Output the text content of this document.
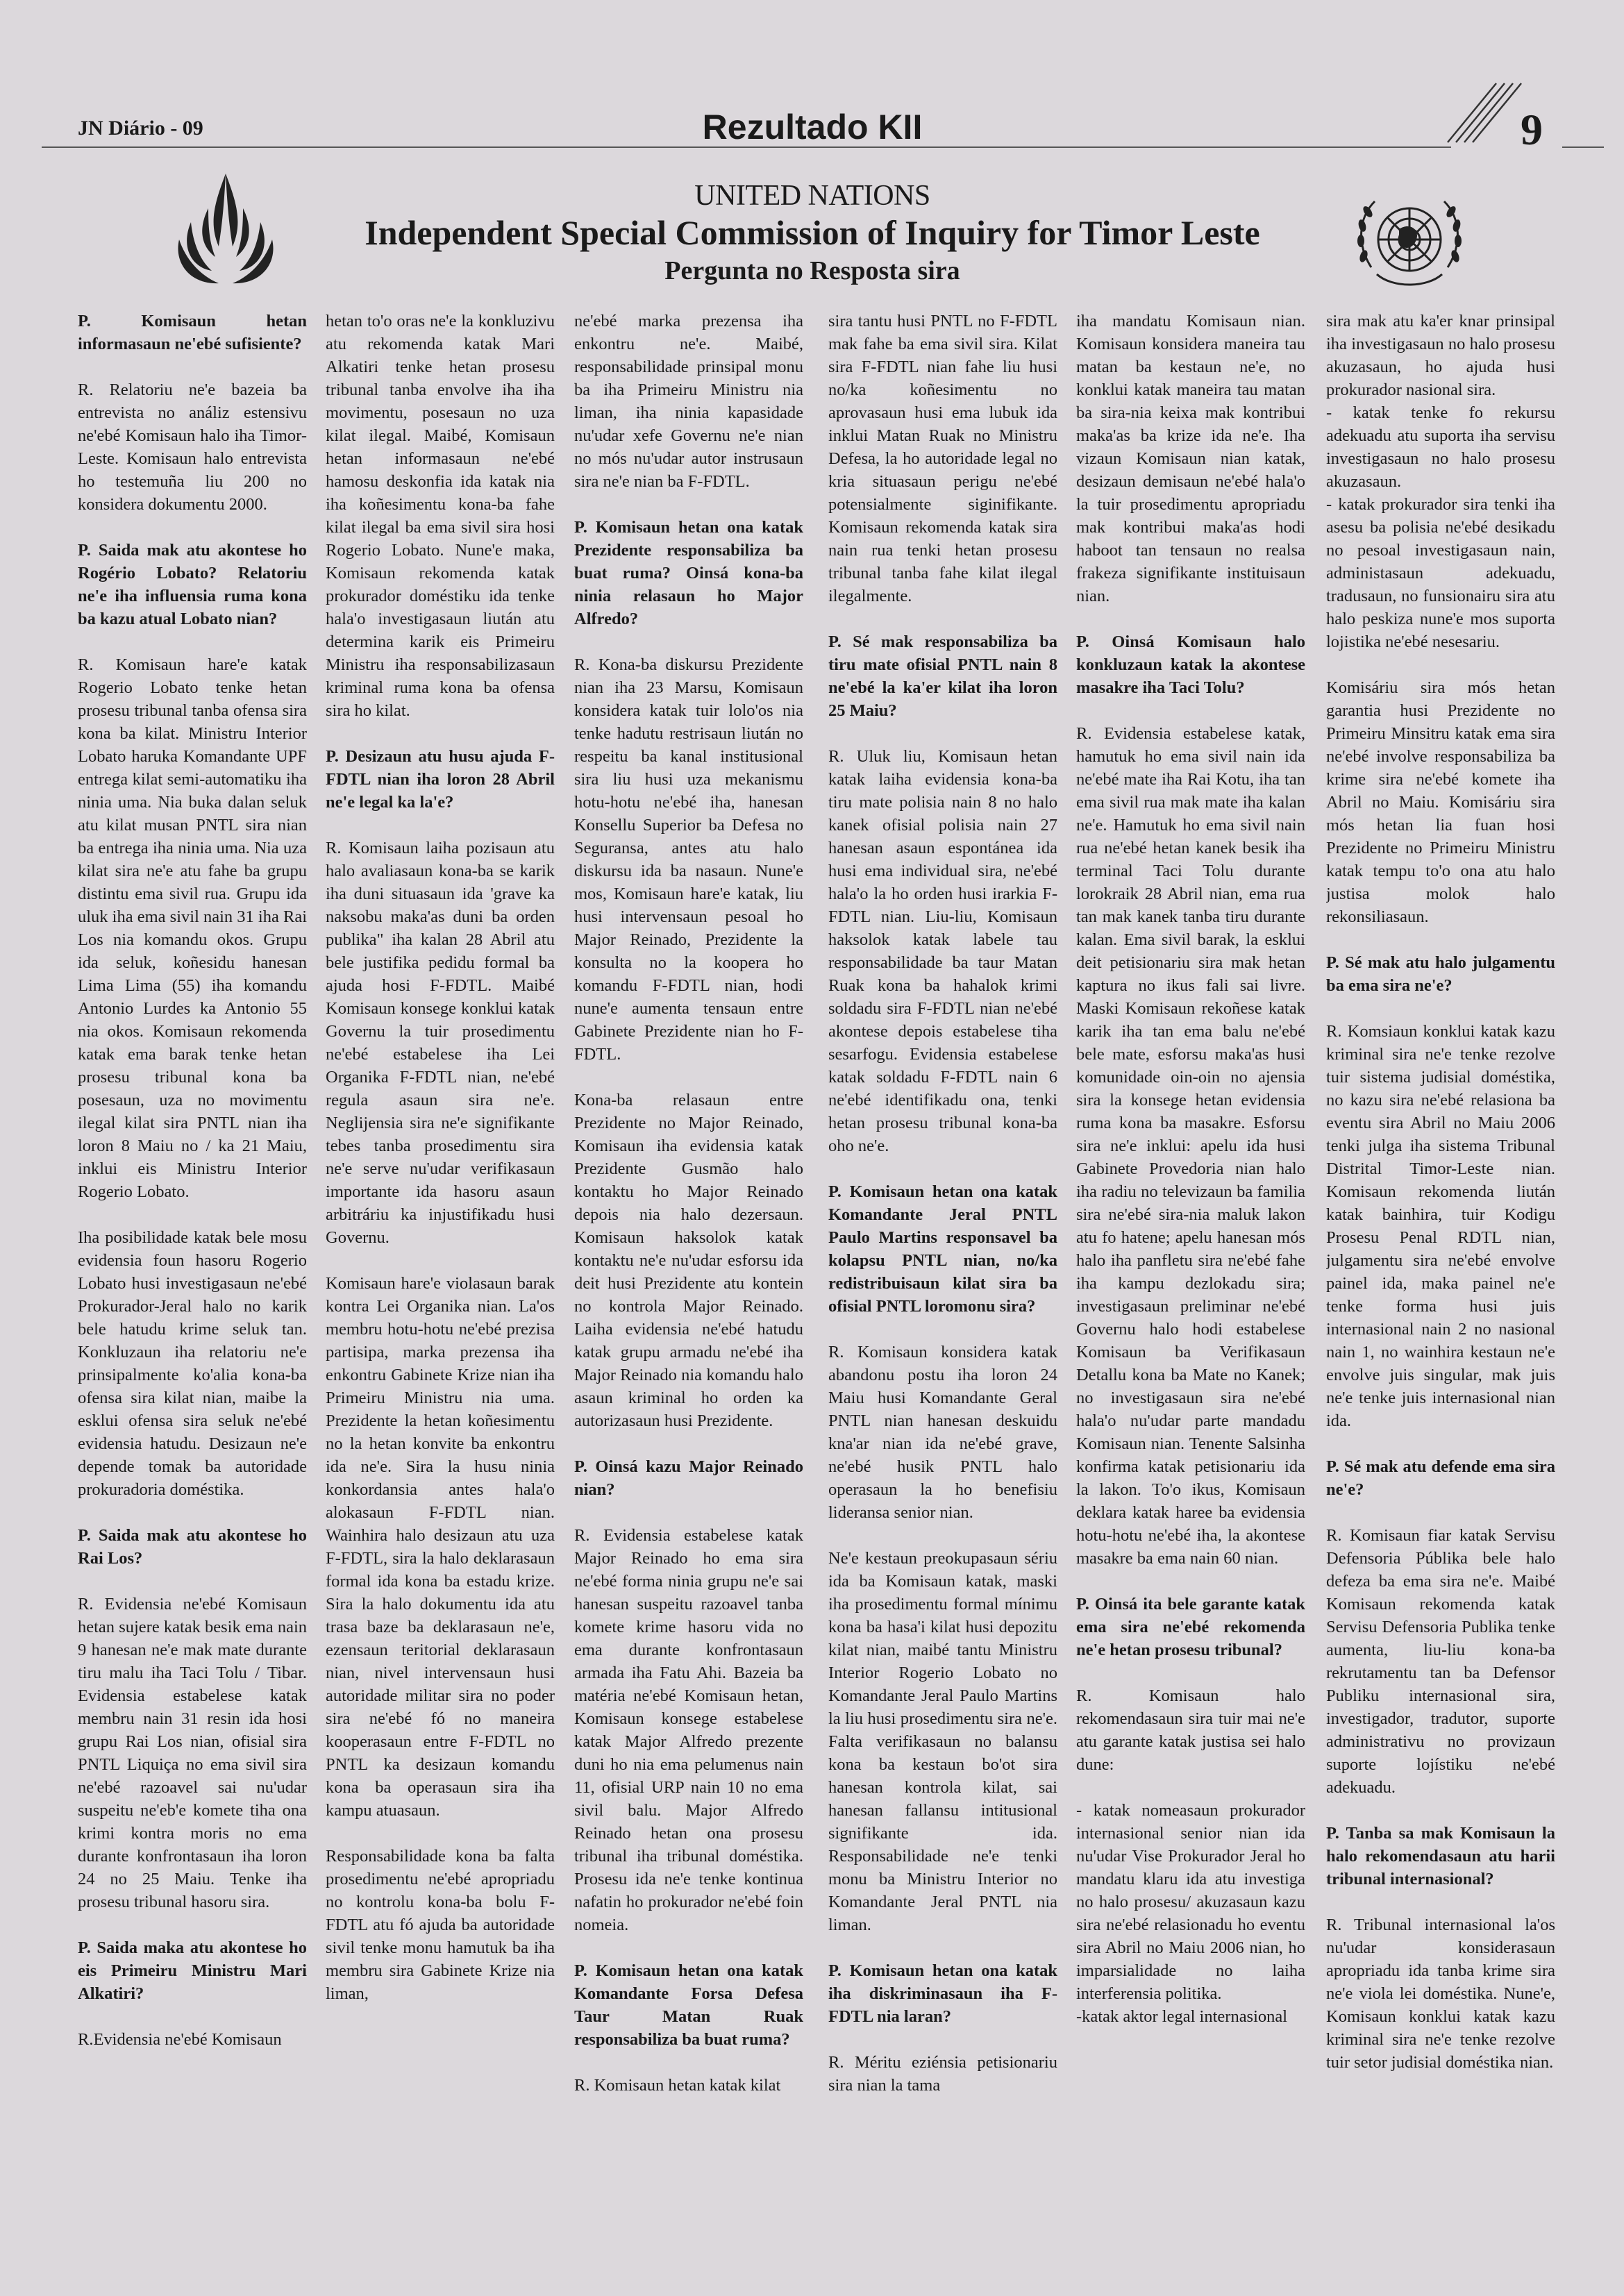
JN Diário - 09	Rezultado KII	9
UNITED NATIONS
Independent Special Commission of Inquiry for Timor Leste
Pergunta no Resposta sira

P. Komisaun hetan informasaun ne'ebé sufisiente?

R. Relatoriu ne'e bazeia ba entrevista no análiz estensivu ne'ebé Komisaun halo iha Timor-Leste. Komisaun halo entrevista ho testemuña liu 200 no konsidera dokumentu 2000.

P. Saida mak atu akontese ho Rogério Lobato? Relatoriu ne'e iha influensia ruma kona ba kazu atual Lobato nian?

R. Komisaun hare'e katak Rogerio Lobato tenke hetan prosesu tribunal tanba ofensa sira kona ba kilat. Ministru Interior Lobato haruka Komandante UPF entrega kilat semi-automatiku iha ninia uma. Nia buka dalan seluk atu kilat musan PNTL sira nian ba entrega iha ninia uma. Nia uza kilat sira ne'e atu fahe ba grupu distintu ema sivil rua. Grupu ida uluk iha ema sivil nain 31 iha Rai Los nia komandu okos. Grupu ida seluk, koñesidu hanesan Lima Lima (55) iha komandu Antonio Lurdes ka Antonio 55 nia okos. Komisaun rekomenda katak ema barak tenke hetan prosesu tribunal kona ba posesaun, uza no movimentu ilegal kilat sira PNTL nian iha loron 8 Maiu no / ka 21 Maiu, inklui eis Ministru Interior Rogerio Lobato.

Iha posibilidade katak bele mosu evidensia foun hasoru Rogerio Lobato husi investigasaun ne'ebé Prokurador-Jeral halo no karik bele hatudu krime seluk tan. Konkluzaun iha relatoriu ne'e prinsipalmente ko'alia kona-ba ofensa sira kilat nian, maibe la esklui ofensa sira seluk ne'ebé evidensia hatudu. Desizaun ne'e depende tomak ba autoridade prokuradoria doméstika.

P. Saida mak atu akontese ho Rai Los?

R. Evidensia ne'ebé Komisaun hetan sujere katak besik ema nain 9 hanesan ne'e mak mate durante tiru malu iha Taci Tolu / Tibar. Evidensia estabelese katak membru nain 31 resin ida hosi grupu Rai Los nian, ofisial sira PNTL Liquiça no ema sivil sira ne'ebé razoavel sai nu'udar suspeitu ne'eb'e komete tiha ona krimi kontra moris no ema durante konfrontasaun iha loron 24 no 25 Maiu. Tenke iha prosesu tribunal hasoru sira.

P. Saida maka atu akontese ho eis Primeiru Ministru Mari Alkatiri?

R.Evidensia ne'ebé Komisaun

hetan to'o oras ne'e la konkluzivu atu rekomenda katak Mari Alkatiri tenke hetan prosesu tribunal tanba envolve iha iha movimentu, posesaun no uza kilat ilegal. Maibé, Komisaun hetan informasaun ne'ebé hamosu deskonfia ida katak nia iha koñesimentu kona-ba fahe kilat ilegal ba ema sivil sira hosi Rogerio Lobato. Nune'e maka, Komisaun rekomenda katak prokurador doméstiku ida tenke hala'o investigasaun liután atu determina karik eis Primeiru Ministru iha responsabilizasaun kriminal ruma kona ba ofensa sira ho kilat.

P. Desizaun atu husu ajuda F-FDTL nian iha loron 28 Abril ne'e legal ka la'e?

R. Komisaun laiha pozisaun atu halo avaliasaun kona-ba se karik iha duni situasaun ida 'grave ka naksobu maka'as duni ba orden publika" iha kalan 28 Abril atu bele justifika pedidu formal ba ajuda hosi F-FDTL. Maibé Komisaun konsege konklui katak Governu la tuir prosedimentu ne'ebé estabelese iha Lei Organika F-FDTL nian, ne'ebé regula asaun sira ne'e. Neglijensia sira ne'e signifikante tebes tanba prosedimentu sira ne'e serve nu'udar verifikasaun importante ida hasoru asaun arbitráriu ka injustifikadu husi Governu.

Komisaun hare'e violasaun barak kontra Lei Organika nian. La'os membru hotu-hotu ne'ebé prezisa partisipa, marka prezensa iha enkontru Gabinete Krize nian iha Primeiru Ministru nia uma. Prezidente la hetan koñesimentu no la hetan konvite ba enkontru ida ne'e. Sira la husu ninia konkordansia antes hala'o alokasaun F-FDTL nian. Wainhira halo desizaun atu uza F-FDTL, sira la halo deklarasaun formal ida kona ba estadu krize. Sira la halo dokumentu ida atu trasa baze ba deklarasaun ne'e, ezensaun teritorial deklarasaun nian, nivel intervensaun husi autoridade militar sira no poder sira ne'ebé fó no maneira kooperasaun entre F-FDTL no PNTL ka desizaun komandu kona ba operasaun sira iha kampu atuasaun.

Responsabilidade kona ba falta prosedimentu ne'ebé apropriadu no kontrolu kona-ba bolu F-FDTL atu fó ajuda ba autoridade sivil tenke monu hamutuk ba iha membru sira Gabinete Krize nia liman,

ne'ebé marka prezensa iha enkontru ne'e. Maibé, responsabilidade prinsipal monu ba iha Primeiru Ministru nia liman, iha ninia kapasidade nu'udar xefe Governu ne'e nian no mós nu'udar autor instrusaun sira ne'e nian ba F-FDTL.

P. Komisaun hetan ona katak Prezidente responsabiliza ba buat ruma? Oinsá kona-ba ninia relasaun ho Major Alfredo?

R. Kona-ba diskursu Prezidente nian iha 23 Marsu, Komisaun konsidera katak tuir lolo'os nia tenke hadutu restrisaun liután no respeitu ba kanal institusional sira liu husi uza mekanismu hotu-hotu ne'ebé iha, hanesan Konsellu Superior ba Defesa no Seguransa, antes atu halo diskursu ida ba nasaun. Nune'e mos, Komisaun hare'e katak, liu husi intervensaun pesoal ho Major Reinado, Prezidente la konsulta no la koopera ho komandu F-FDTL nian, hodi nune'e aumenta tensaun entre Gabinete Prezidente nian ho F-FDTL.

Kona-ba relasaun entre Prezidente no Major Reinado, Komisaun iha evidensia katak Prezidente Gusmão halo kontaktu ho Major Reinado depois nia halo dezersaun. Komisaun haksolok katak kontaktu ne'e nu'udar esforsu ida deit husi Prezidente atu kontein no kontrola Major Reinado. Laiha evidensia ne'ebé hatudu katak grupu armadu ne'ebé iha Major Reinado nia komandu halo asaun kriminal ho orden ka autorizasaun husi Prezidente.

P. Oinsá kazu Major Reinado nian?

R. Evidensia estabelese katak Major Reinado ho ema sira ne'ebé forma ninia grupu ne'e sai hanesan suspeitu razoavel tanba komete krime hasoru vida no ema durante konfrontasaun armada iha Fatu Ahi. Bazeia ba matéria ne'ebé Komisaun hetan, Komisaun konsege estabelese katak Major Alfredo prezente duni ho nia ema pelumenus nain 11, ofisial URP nain 10 no ema sivil balu. Major Alfredo Reinado hetan ona prosesu tribunal iha tribunal doméstika. Prosesu ida ne'e tenke kontinua nafatin ho prokurador ne'ebé foin nomeia.

P. Komisaun hetan ona katak Komandante Forsa Defesa Taur Matan Ruak responsabiliza ba buat ruma?

R. Komisaun hetan katak kilat

sira tantu husi PNTL no F-FDTL mak fahe ba ema sivil sira. Kilat sira F-FDTL nian fahe liu husi no/ka koñesimentu no aprovasaun husi ema lubuk ida inklui Matan Ruak no Ministru Defesa, la ho autoridade legal no kria situasaun perigu ne'ebé potensialmente siginifikante. Komisaun rekomenda katak sira nain rua tenki hetan prosesu tribunal tanba fahe kilat ilegal ilegalmente.

P. Sé mak responsabiliza ba tiru mate ofisial PNTL nain 8 ne'ebé la ka'er kilat iha loron 25 Maiu?

R. Uluk liu, Komisaun hetan katak laiha evidensia kona-ba tiru mate polisia nain 8 no halo kanek ofisial polisia nain 27 hanesan asaun espontánea ida husi ema individual sira, ne'ebé hala'o la ho orden husi irarkia F-FDTL nian. Liu-liu, Komisaun haksolok katak labele tau responsabilidade ba taur Matan Ruak kona ba hahalok krimi soldadu sira F-FDTL nian ne'ebé akontese depois estabelese tiha sesarfogu. Evidensia estabelese katak soldadu F-FDTL nain 6 ne'ebé identifikadu ona, tenki hetan prosesu tribunal kona-ba oho ne'e.

P. Komisaun hetan ona katak Komandante Jeral PNTL Paulo Martins responsavel ba kolapsu PNTL nian, no/ka redistribuisaun kilat sira ba ofisial PNTL loromonu sira?

R. Komisaun konsidera katak abandonu postu iha loron 24 Maiu husi Komandante Geral PNTL nian hanesan deskuidu kna'ar nian ida ne'ebé grave, ne'ebé husik PNTL halo operasaun la ho benefisiu lideransa senior nian.

Ne'e kestaun preokupasaun sériu ida ba Komisaun katak, maski iha prosedimentu formal mínimu kona ba hasa'i kilat husi depozitu kilat nian, maibé tantu Ministru Interior Rogerio Lobato no Komandante Jeral Paulo Martins la liu husi prosedimentu sira ne'e. Falta verifikasaun no balansu kona ba kestaun bo'ot sira hanesan kontrola kilat, sai hanesan fallansu intitusional signifikante ida. Responsabilidade ne'e tenki monu ba Ministru Interior no Komandante Jeral PNTL nia liman.

P. Komisaun hetan ona katak iha diskriminasaun iha F-FDTL nia laran?

R. Méritu eziénsia petisionariu sira nian la tama

iha mandatu Komisaun nian. Komisaun konsidera maneira tau matan ba kestaun ne'e, no konklui katak maneira tau matan ba sira-nia keixa mak kontribui maka'as ba krize ida ne'e. Iha vizaun Komisaun nian katak, desizaun demisaun ne'ebé hala'o la tuir prosedimentu apropriadu mak kontribui maka'as hodi haboot tan tensaun no realsa frakeza signifikante instituisaun nian.

P. Oinsá Komisaun halo konkluzaun katak la akontese masakre iha Taci Tolu?

R. Evidensia estabelese katak, hamutuk ho ema sivil nain ida ne'ebé mate iha Rai Kotu, iha tan ema sivil rua mak mate iha kalan ne'e. Hamutuk ho ema sivil nain rua ne'ebé hetan kanek besik iha terminal Taci Tolu durante lorokraik 28 Abril nian, ema rua tan mak kanek tanba tiru durante kalan. Ema sivil barak, la esklui deit petisionariu sira mak hetan kaptura no ikus fali sai livre. Maski Komisaun rekoñese katak karik iha tan ema balu ne'ebé bele mate, esforsu maka'as husi komunidade oin-oin no ajensia sira la konsege hetan evidensia ruma kona ba masakre. Esforsu sira ne'e inklui: apelu ida husi Gabinete Provedoria nian halo iha radiu no televizaun ba familia sira ne'ebé sira-nia maluk lakon atu fo hatene; apelu hanesan mós halo iha panfletu sira ne'ebé fahe iha kampu dezlokadu sira; investigasaun preliminar ne'ebé Governu halo hodi estabelese Komisaun ba Verifikasaun Detallu kona ba Mate no Kanek; no investigasaun sira ne'ebé hala'o nu'udar parte mandadu Komisaun nian. Tenente Salsinha konfirma katak petisionariu ida la lakon. To'o ikus, Komisaun deklara katak haree ba evidensia hotu-hotu ne'ebé iha, la akontese masakre ba ema nain 60 nian.

P. Oinsá ita bele garante katak ema sira ne'ebé rekomenda ne'e hetan prosesu tribunal?

R. Komisaun halo rekomendasaun sira tuir mai ne'e atu garante katak justisa sei halo dune:

- katak nomeasaun prokurador internasional senior nian ida nu'udar Vise Prokurador Jeral ho mandatu klaru ida atu investiga no halo prosesu/ akuzasaun kazu sira ne'ebé relasionadu ho eventu sira Abril no Maiu 2006 nian, ho imparsialidade no laiha interferensia politika.

-katak aktor legal internasional

sira mak atu ka'er knar prinsipal iha investigasaun no halo prosesu akuzasaun, ho ajuda husi prokurador nasional sira.

- katak tenke fo rekursu adekuadu atu suporta iha servisu investigasaun no halo prosesu akuzasaun.

- katak prokurador sira tenki iha asesu ba polisia ne'ebé desikadu no pesoal investigasaun nain, administasaun adekuadu, tradusaun, no funsionairu sira atu halo peskiza nune'e mos suporta lojistika ne'ebé nesesariu.

Komisáriu sira mós hetan garantia husi Prezidente no Primeiru Minsitru katak ema sira ne'ebé involve responsabiliza ba krime sira ne'ebé komete iha Abril no Maiu. Komisáriu sira mós hetan lia fuan hosi Prezidente no Primeiru Ministru katak tempu to'o ona atu halo justisa molok halo rekonsiliasaun.

P. Sé mak atu halo julgamentu ba ema sira ne'e?

R. Komsiaun konklui katak kazu kriminal sira ne'e tenke rezolve tuir sistema judisial doméstika, no kazu sira ne'ebé relasiona ba eventu sira Abril no Maiu 2006 tenki julga iha sistema Tribunal Distrital Timor-Leste nian. Komisaun rekomenda liután katak bainhira, tuir Kodigu Prosesu Penal RDTL nian, julgamentu sira ne'ebé envolve painel ida, maka painel ne'e tenke forma husi juis internasional nain 2 no nasional nain 1, no wainhira kestaun ne'e envolve juis singular, mak juis ne'e tenke juis internasional nian ida.

P. Sé mak atu defende ema sira ne'e?

R. Komisaun fiar katak Servisu Defensoria Públika bele halo defeza ba ema sira ne'e. Maibé Komisaun rekomenda katak Servisu Defensoria Publika tenke aumenta, liu-liu kona-ba rekrutamentu tan ba Defensor Publiku internasional sira, investigador, tradutor, suporte administrativu no provizaun suporte lojístiku ne'ebé adekuadu.

P. Tanba sa mak Komisaun la halo rekomendasaun atu harii tribunal internasional?

R. Tribunal internasional la'os nu'udar konsiderasaun apropriadu ida tanba krime sira ne'e viola lei doméstika. Nune'e, Komisaun konklui katak kazu kriminal sira ne'e tenke rezolve tuir setor judisial doméstika nian.
